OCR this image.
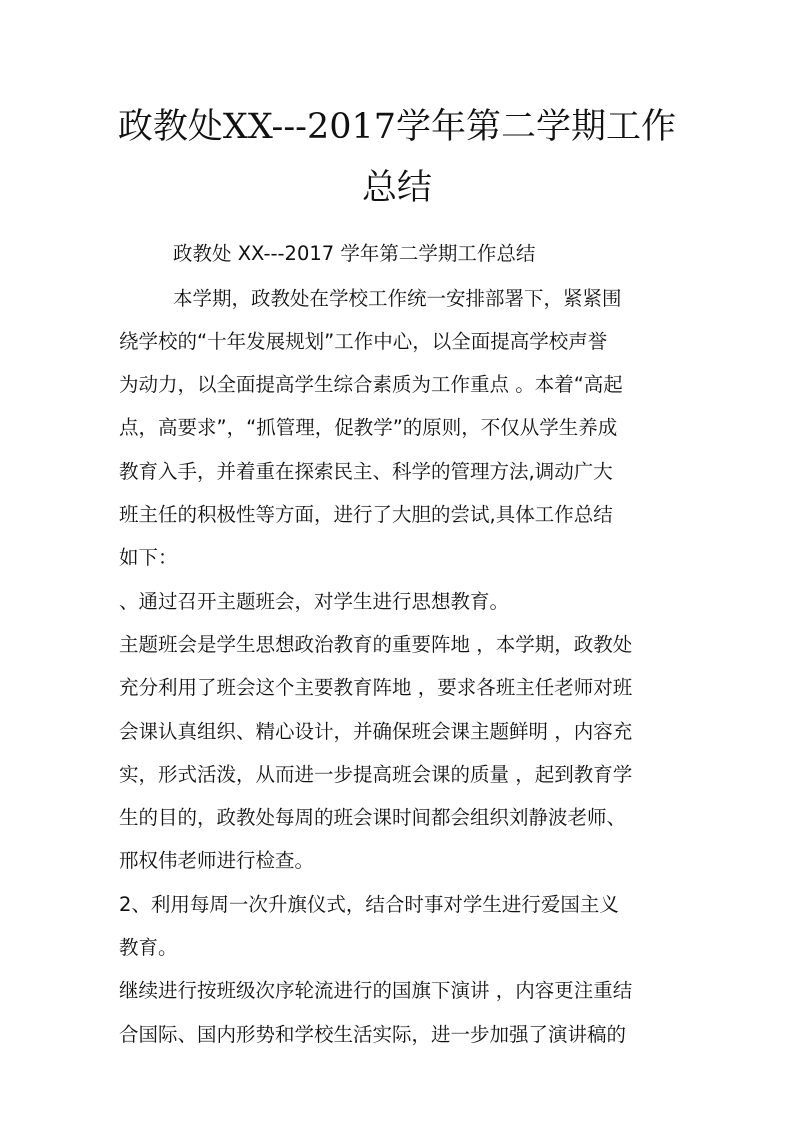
政教处XX---2017学年第二学期工作
总结
政教处 XX---2017 学年第二学期工作总结
本学期，政教处在学校工作统一安排部署下，紧紧围
绕学校的“十年发展规划”工作中心，以全面提高学校声誉
为动力，以全面提高学生综合素质为工作重点 。本着“高起
点，高要求”，“抓管理，促教学”的原则，不仅从学生养成
教育入手，并着重在探索民主、科学的管理方法,调动广大
班主任的积极性等方面，进行了大胆的尝试,具体工作总结
如下：
、通过召开主题班会，对学生进行思想教育。
主题班会是学生思想政治教育的重要阵地 ，本学期，政教处
充分利用了班会这个主要教育阵地 ，要求各班主任老师对班
会课认真组织、精心设计，并确保班会课主题鲜明 ，内容充
实，形式活泼，从而进一步提高班会课的质量 ，起到教育学
生的目的，政教处每周的班会课时间都会组织刘静波老师、
邢权伟老师进行检查。
2、利用每周一次升旗仪式，结合时事对学生进行爱国主义
教育。
继续进行按班级次序轮流进行的国旗下演讲 ，内容更注重结
合国际、国内形势和学校生活实际，进一步加强了演讲稿的
